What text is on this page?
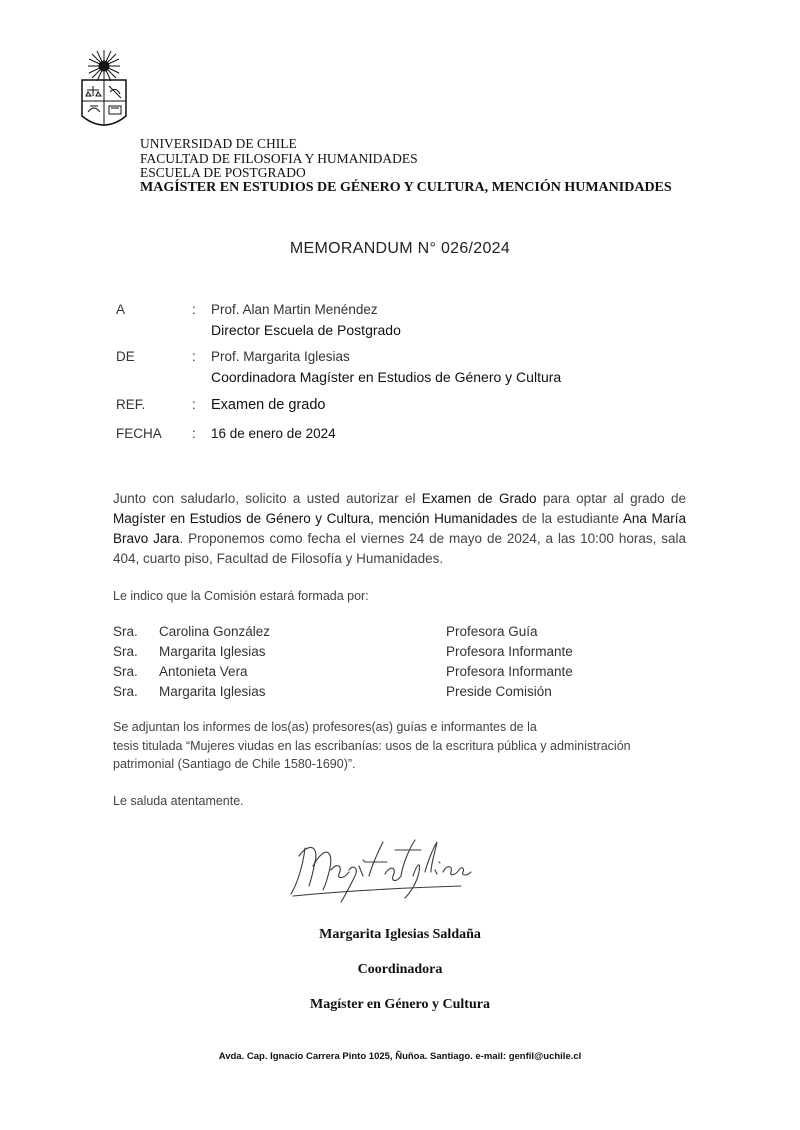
UNIVERSIDAD DE CHILE
FACULTAD DE FILOSOFIA Y HUMANIDADES
ESCUELA DE POSTGRADO
MAGÍSTER EN ESTUDIOS DE GÉNERO Y CULTURA, MENCIÓN HUMANIDADES
MEMORANDUM N° 026/2024
A	: Prof. Alan Martin Menéndez
Director Escuela de Postgrado
DE	: Prof. Margarita Iglesias
Coordinadora Magíster en Estudios de Género y Cultura
REF.	: Examen de grado
FECHA	: 16 de enero de 2024
Junto con saludarlo, solicito a usted autorizar el Examen de Grado para optar al grado de Magíster en Estudios de Género y Cultura, mención Humanidades de la estudiante Ana María Bravo Jara. Proponemos como fecha el viernes 24 de mayo de 2024, a las 10:00 horas, sala 404, cuarto piso, Facultad de Filosofía y Humanidades.
Le indico que la Comisión estará formada por:
Sra. Carolina González	Profesora Guía
Sra. Margarita Iglesias	Profesora Informante
Sra. Antonieta Vera	Profesora Informante
Sra. Margarita Iglesias	Preside Comisión
Se adjuntan los informes de los(as) profesores(as) guías e informantes de la
tesis titulada “Mujeres viudas en las escribanías: usos de la escritura pública y administración
patrimonial (Santiago de Chile 1580-1690)”.
Le saluda atentamente.
Margarita Iglesias Saldaña
Coordinadora
Magíster en Género y Cultura
Avda. Cap. Ignacio Carrera Pinto 1025, Ñuñoa. Santiago. e-mail: genfil@uchile.cl
